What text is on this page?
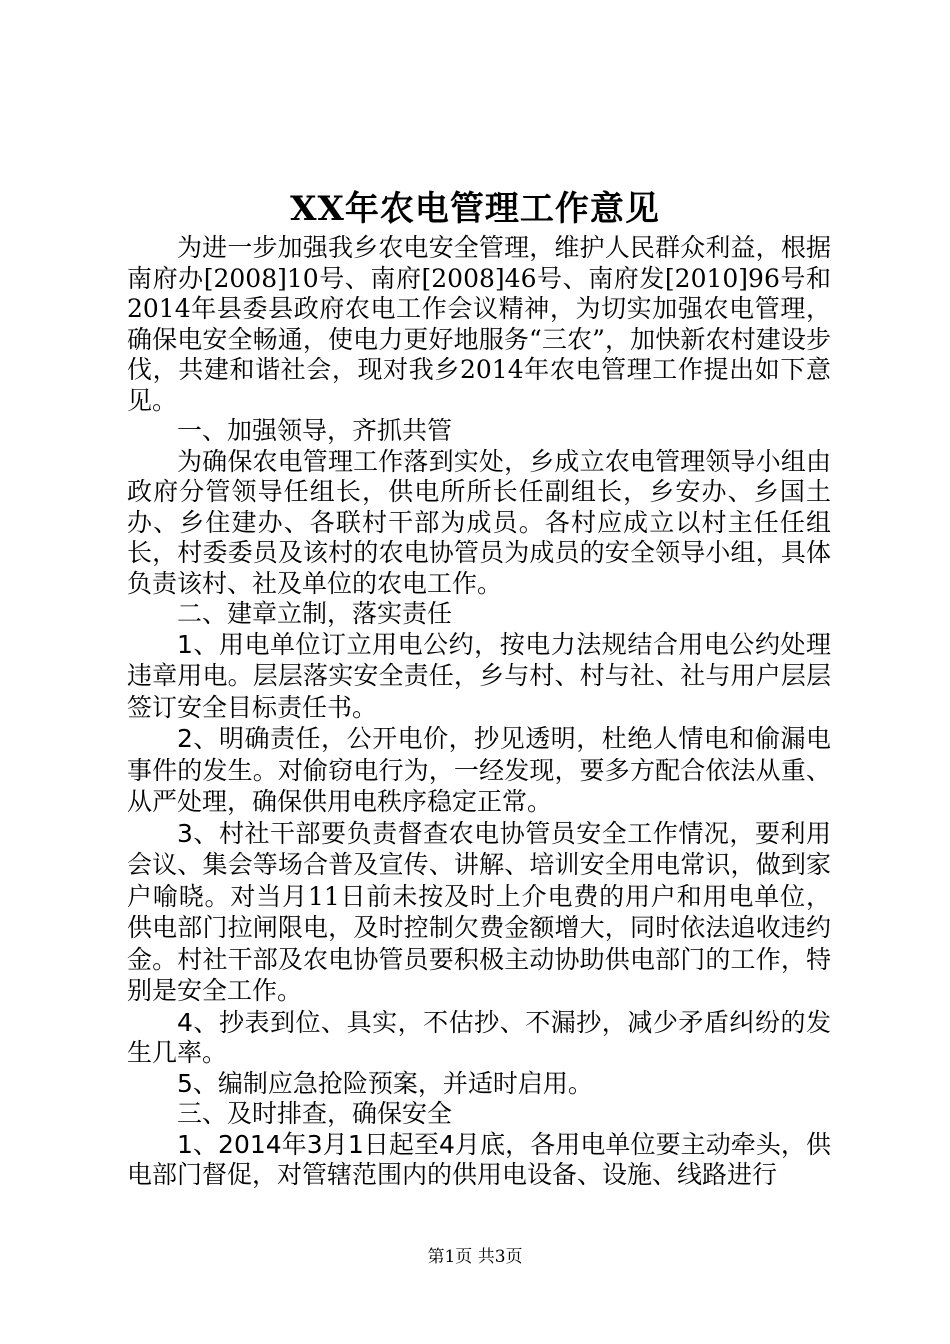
XX年农电管理工作意见

为进一步加强我乡农电安全管理，维护人民群众利益，根据南府办[2008]10号、南府[2008]46号、南府发[2010]96号和2014年县委县政府农电工作会议精神，为切实加强农电管理，确保电安全畅通，使电力更好地服务“三农”，加快新农村建设步伐，共建和谐社会，现对我乡2014年农电管理工作提出如下意见。

一、加强领导，齐抓共管

为确保农电管理工作落到实处，乡成立农电管理领导小组由政府分管领导任组长，供电所所长任副组长，乡安办、乡国土办、乡住建办、各联村干部为成员。各村应成立以村主任任组长，村委委员及该村的农电协管员为成员的安全领导小组，具体负责该村、社及单位的农电工作。

二、建章立制，落实责任

1、用电单位订立用电公约，按电力法规结合用电公约处理违章用电。层层落实安全责任，乡与村、村与社、社与用户层层签订安全目标责任书。

2、明确责任，公开电价，抄见透明，杜绝人情电和偷漏电事件的发生。对偷窃电行为，一经发现，要多方配合依法从重、从严处理，确保供用电秩序稳定正常。

3、村社干部要负责督查农电协管员安全工作情况，要利用会议、集会等场合普及宣传、讲解、培训安全用电常识，做到家户喻晓。对当月11日前未按及时上介电费的用户和用电单位，供电部门拉闸限电，及时控制欠费金额增大，同时依法追收违约金。村社干部及农电协管员要积极主动协助供电部门的工作，特别是安全工作。

4、抄表到位、具实，不估抄、不漏抄，减少矛盾纠纷的发生几率。

5、编制应急抢险预案，并适时启用。

三、及时排查，确保安全

1、2014年3月1日起至4月底，各用电单位要主动牵头，供电部门督促，对管辖范围内的供用电设备、设施、线路进行

第1页 共3页
